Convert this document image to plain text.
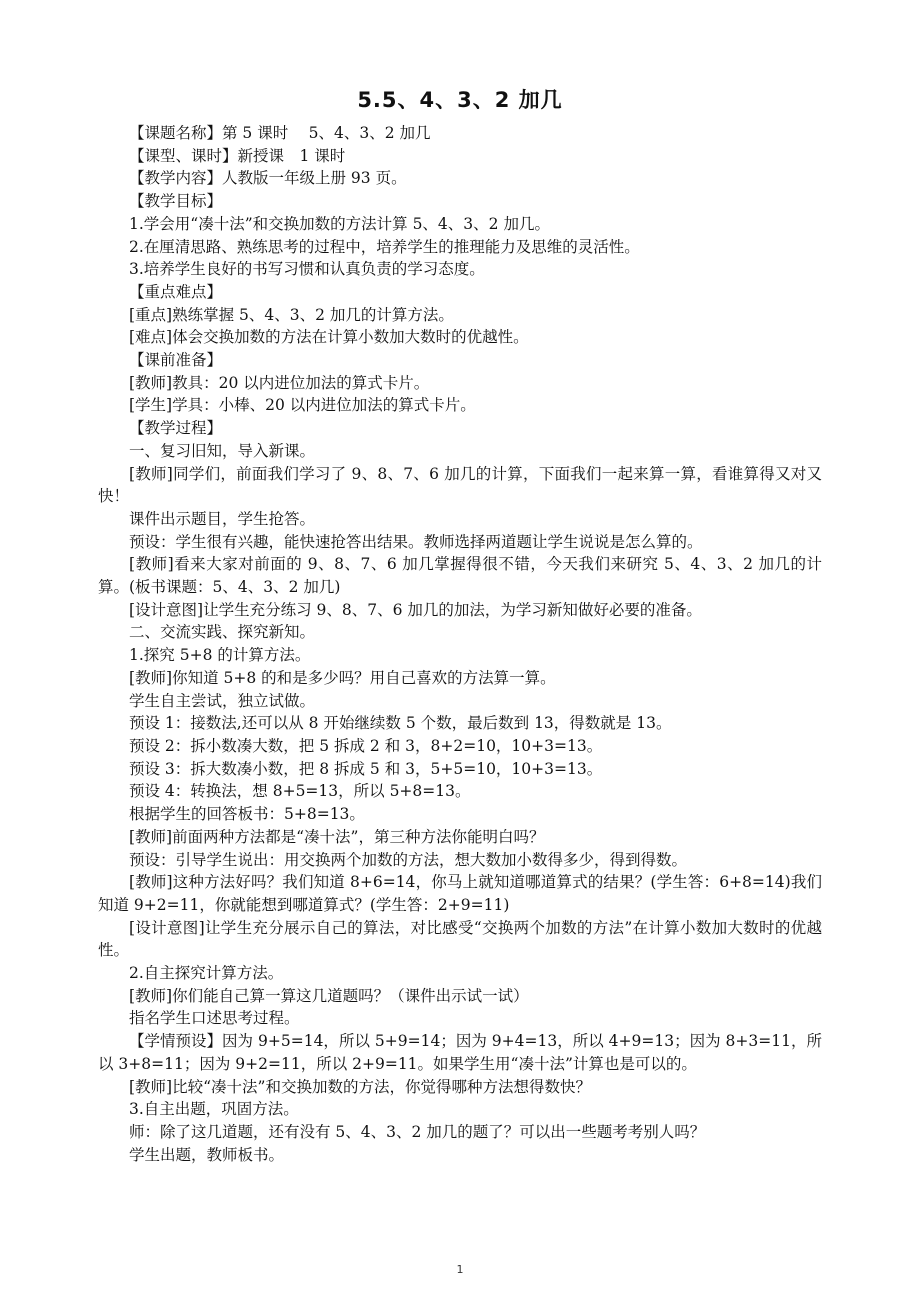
5.5、4、3、2 加几

【课题名称】第 5 课时　 5、4、3、2 加几

【课型、课时】新授课　1 课时

【教学内容】人教版一年级上册 93 页。

【教学目标】

1.学会用“凑十法”和交换加数的方法计算 5、4、3、2 加几。

2.在厘清思路、熟练思考的过程中，培养学生的推理能力及思维的灵活性。

3.培养学生良好的书写习惯和认真负责的学习态度。

【重点难点】

[重点]熟练掌握 5、4、3、2 加几的计算方法。

[难点]体会交换加数的方法在计算小数加大数时的优越性。

【课前准备】

[教师]教具：20 以内进位加法的算式卡片。

[学生]学具：小棒、20 以内进位加法的算式卡片。

【教学过程】

一、复习旧知，导入新课。

[教师]同学们，前面我们学习了 9、8、7、6 加几的计算，下面我们一起来算一算，看谁算得又对又快！

课件出示题目，学生抢答。

预设：学生很有兴趣，能快速抢答出结果。教师选择两道题让学生说说是怎么算的。

[教师]看来大家对前面的 9、8、7、6 加几掌握得很不错，今天我们来研究 5、4、3、2 加几的计算。(板书课题：5、4、3、2 加几)

[设计意图]让学生充分练习 9、8、7、6 加几的加法，为学习新知做好必要的准备。

二、交流实践、探究新知。

1.探究 5+8 的计算方法。

[教师]你知道 5+8 的和是多少吗？用自己喜欢的方法算一算。

学生自主尝试，独立试做。

预设 1：接数法,还可以从 8 开始继续数 5 个数，最后数到 13，得数就是 13。

预设 2：拆小数凑大数，把 5 拆成 2 和 3，8+2=10，10+3=13。

预设 3：拆大数凑小数，把 8 拆成 5 和 3，5+5=10，10+3=13。

预设 4：转换法，想 8+5=13，所以 5+8=13。

根据学生的回答板书：5+8=13。

[教师]前面两种方法都是“凑十法”，第三种方法你能明白吗？

预设：引导学生说出：用交换两个加数的方法，想大数加小数得多少，得到得数。

[教师]这种方法好吗？我们知道 8+6=14，你马上就知道哪道算式的结果？(学生答：6+8=14)我们知道 9+2=11，你就能想到哪道算式？(学生答：2+9=11)

[设计意图]让学生充分展示自己的算法，对比感受“交换两个加数的方法”在计算小数加大数时的优越性。

2.自主探究计算方法。

[教师]你们能自己算一算这几道题吗？（课件出示试一试）

指名学生口述思考过程。

【学情预设】因为 9+5=14，所以 5+9=14；因为 9+4=13，所以 4+9=13；因为 8+3=11，所以 3+8=11；因为 9+2=11，所以 2+9=11。如果学生用“凑十法”计算也是可以的。

[教师]比较“凑十法”和交换加数的方法，你觉得哪种方法想得数快？

3.自主出题，巩固方法。

师：除了这几道题，还有没有 5、4、3、2 加几的题了？可以出一些题考考别人吗？

学生出题，教师板书。

1
